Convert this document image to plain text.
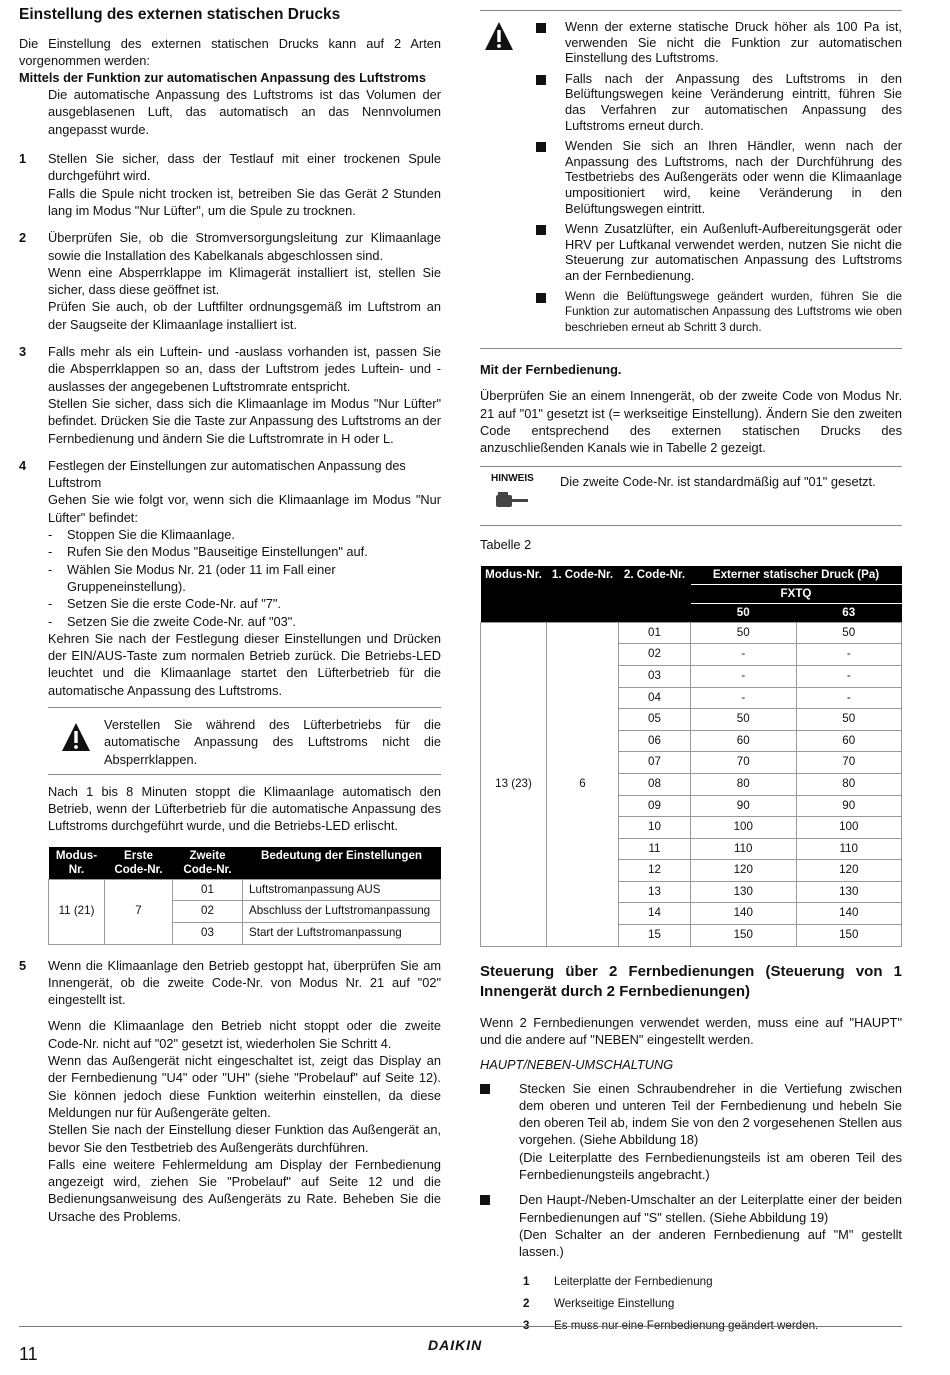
Einstellung des externen statischen Drucks

Die Einstellung des externen statischen Drucks kann auf 2 Arten vorgenommen werden:

Mittels der Funktion zur automatischen Anpassung des Luftstroms

Die automatische Anpassung des Luftstroms ist das Volumen der ausgeblasenen Luft, das automatisch an das Nennvolumen angepasst wurde.

1	Stellen Sie sicher, dass der Testlauf mit einer trockenen Spule durchgeführt wird.

Falls die Spule nicht trocken ist, betreiben Sie das Gerät 2 Stunden lang im Modus "Nur Lüfter", um die Spule zu trocknen.

2	Überprüfen Sie, ob die Stromversorgungsleitung zur Klimaanlage sowie die Installation des Kabelkanals abgeschlossen sind.

Wenn eine Absperrklappe im Klimagerät installiert ist, stellen Sie sicher, dass diese geöffnet ist.

Prüfen Sie auch, ob der Luftfilter ordnungsgemäß im Luftstrom an der Saugseite der Klimaanlage installiert ist.

3	Falls mehr als ein Luftein- und -auslass vorhanden ist, passen Sie die Absperrklappen so an, dass der Luftstrom jedes Luftein- und -auslasses der angegebenen Luftstromrate entspricht.

Stellen Sie sicher, dass sich die Klimaanlage im Modus "Nur Lüfter" befindet. Drücken Sie die Taste zur Anpassung des Luftstroms an der Fernbedienung und ändern Sie die Luftstromrate in H oder L.

4	Festlegen der Einstellungen zur automatischen Anpassung des Luftstrom

Gehen Sie wie folgt vor, wenn sich die Klimaanlage im Modus "Nur Lüfter" befindet:

-	Stoppen Sie die Klimaanlage.
-	Rufen Sie den Modus "Bauseitige Einstellungen" auf.
-	Wählen Sie Modus Nr. 21 (oder 11 im Fall einer Gruppeneinstellung).
-	Setzen Sie die erste Code-Nr. auf "7".
-	Setzen Sie die zweite Code-Nr. auf "03".

Kehren Sie nach der Festlegung dieser Einstellungen und Drücken der EIN/AUS-Taste zum normalen Betrieb zurück. Die Betriebs-LED leuchtet und die Klimaanlage startet den Lüfterbetrieb für die automatische Anpassung des Luftstroms.

Verstellen Sie während des Lüfterbetriebs für die automatische Anpassung des Luftstroms nicht die Absperrklappen.

Nach 1 bis 8 Minuten stoppt die Klimaanlage automatisch den Betrieb, wenn der Lüfterbetrieb für die automatische Anpassung des Luftstroms durchgeführt wurde, und die Betriebs-LED erlischt.

Modus-Nr.	Erste Code-Nr.	Zweite Code-Nr.	Bedeutung der Einstellungen
11 (21)	7	01	Luftstromanpassung AUS
		02	Abschluss der Luftstromanpassung
		03	Start der Luftstromanpassung
5	Wenn die Klimaanlage den Betrieb gestoppt hat, überprüfen Sie am Innengerät, ob die zweite Code-Nr. von Modus Nr. 21 auf "02" eingestellt ist.

Wenn die Klimaanlage den Betrieb nicht stoppt oder die zweite Code-Nr. nicht auf "02" gesetzt ist, wiederholen Sie Schritt 4.

Wenn das Außengerät nicht eingeschaltet ist, zeigt das Display an der Fernbedienung "U4" oder "UH" (siehe "Probelauf" auf Seite 12). Sie können jedoch diese Funktion weiterhin einstellen, da diese Meldungen nur für Außengeräte gelten.

Stellen Sie nach der Einstellung dieser Funktion das Außengerät an, bevor Sie den Testbetrieb des Außengeräts durchführen.

Falls eine weitere Fehlermeldung am Display der Fernbedienung angezeigt wird, ziehen Sie "Probelauf" auf Seite 12 und die Bedienungsanweisung des Außengeräts zu Rate. Beheben Sie die Ursache des Problems.

Wenn der externe statische Druck höher als 100 Pa ist, verwenden Sie nicht die Funktion zur automatischen Einstellung des Luftstroms.
Falls nach der Anpassung des Luftstroms in den Belüftungswegen keine Veränderung eintritt, führen Sie das Verfahren zur automatischen Anpassung des Luftstroms erneut durch.
Wenden Sie sich an Ihren Händler, wenn nach der Anpassung des Luftstroms, nach der Durchführung des Testbetriebs des Außengeräts oder wenn die Klimaanlage umpositioniert wird, keine Veränderung in den Belüftungswegen eintritt.
Wenn Zusatzlüfter, ein Außenluft-Aufbereitungsgerät oder HRV per Luftkanal verwendet werden, nutzen Sie nicht die Steuerung zur automatischen Anpassung des Luftstroms an der Fernbedienung.
Wenn die Belüftungswege geändert wurden, führen Sie die Funktion zur automatischen Anpassung des Luftstroms wie oben beschrieben erneut ab Schritt 3 durch.
Mit der Fernbedienung.

Überprüfen Sie an einem Innengerät, ob der zweite Code von Modus Nr. 21 auf "01" gesetzt ist (= werkseitige Einstellung). Ändern Sie den zweiten Code entsprechend des externen statischen Drucks des anzuschließenden Kanals wie in Tabelle 2 gezeigt.

HINWEIS	Die zweite Code-Nr. ist standardmäßig auf "01" gesetzt.

Tabelle 2

Modus-Nr.	1. Code-Nr.	2. Code-Nr.	Externer statischer Druck (Pa)	
			FXTQ	
			50	63
13 (23)	6	01	50	50
		02	-	-
		03	-	-
		04	-	-
		05	50	50
		06	60	60
		07	70	70
		08	80	80
		09	90	90
		10	100	100
		11	110	110
		12	120	120
		13	130	130
		14	140	140
		15	150	150
Steuerung über 2 Fernbedienungen (Steuerung von 1 Innengerät durch 2 Fernbedienungen)

Wenn 2 Fernbedienungen verwendet werden, muss eine auf "HAUPT" und die andere auf "NEBEN" eingestellt werden.

HAUPT/NEBEN-UMSCHALTUNG

Stecken Sie einen Schraubendreher in die Vertiefung zwischen dem oberen und unteren Teil der Fernbedienung und hebeln Sie den oberen Teil ab, indem Sie von den 2 vorgesehenen Stellen aus vorgehen. (Siehe Abbildung 18)
(Die Leiterplatte des Fernbedienungsteils ist am oberen Teil des Fernbedienungsteils angebracht.)
Den Haupt-/Neben-Umschalter an der Leiterplatte einer der beiden Fernbedienungen auf "S" stellen. (Siehe Abbildung 19)
(Den Schalter an der anderen Fernbedienung auf "M" gestellt lassen.)
1	Leiterplatte der Fernbedienung
2	Werkseitige Einstellung
3	Es muss nur eine Fernbedienung geändert werden.
11	DAIKIN
